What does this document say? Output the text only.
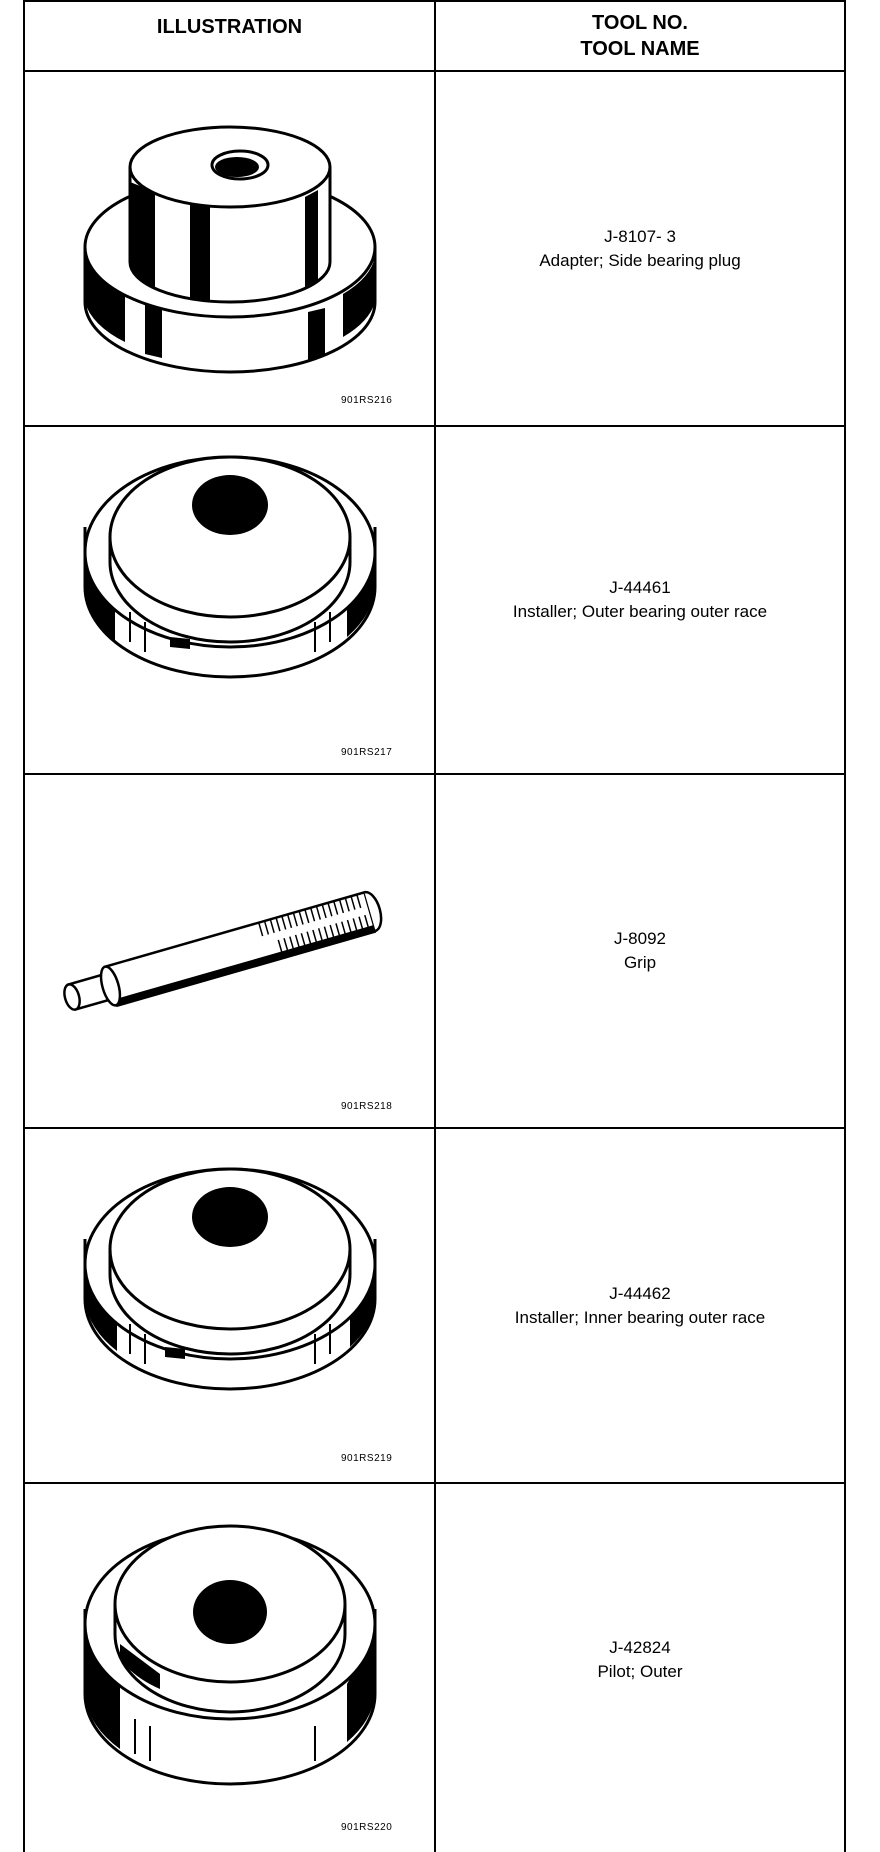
ILLUSTRATION	TOOL NO.
TOOL NAME
901RS216
J-8107- 3
Adapter; Side bearing plug
901RS217
J-44461
Installer; Outer bearing outer race
901RS218
J-8092
Grip
901RS219
J-44462
Installer; Inner bearing outer race
901RS220
J-42824
Pilot; Outer
